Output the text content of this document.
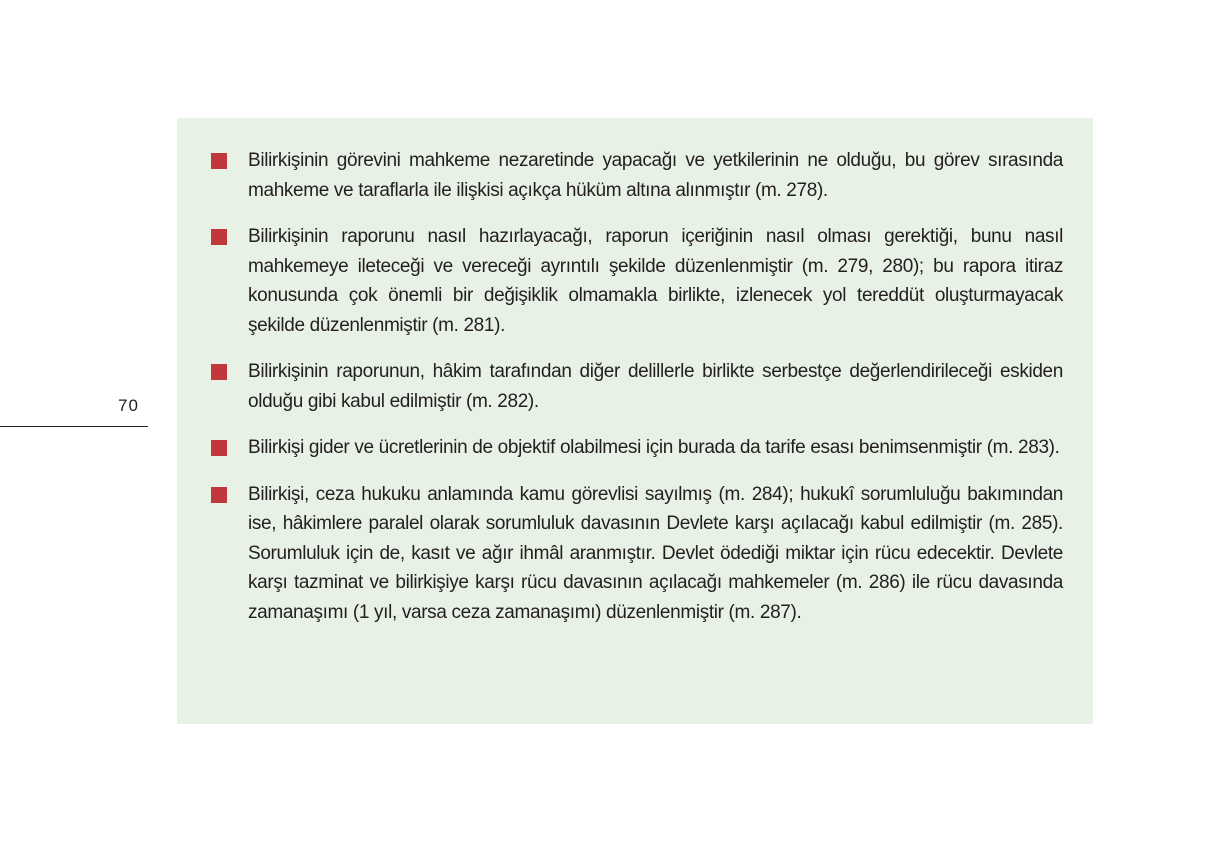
70
Bilirkişinin görevini mahkeme nezaretinde yapacağı ve yetkilerinin ne olduğu, bu görev sırasında mahkeme ve taraflarla ile ilişkisi açıkça hüküm altına alınmıştır (m. 278).
Bilirkişinin raporunu nasıl hazırlayacağı, raporun içeriğinin nasıl olması gerektiği, bunu nasıl mahkemeye ileteceği ve vereceği ayrıntılı şekilde düzenlenmiştir (m. 279, 280); bu rapora itiraz konusunda çok önemli bir değişiklik olmamakla birlikte, izlenecek yol tereddüt oluşturmayacak şekilde düzenlenmiştir (m. 281).
Bilirkişinin raporunun, hâkim tarafından diğer delillerle birlikte serbestçe değerlendirileceği eskiden olduğu gibi kabul edilmiştir (m. 282).
Bilirkişi gider ve ücretlerinin de objektif olabilmesi için burada da tarife esası benimsenmiştir (m. 283).
Bilirkişi, ceza hukuku anlamında kamu görevlisi sayılmış (m. 284); hukukî sorumluluğu bakımından ise, hâkimlere paralel olarak sorumluluk davasının Devlete karşı açılacağı kabul edilmiştir (m. 285). Sorumluluk için de, kasıt ve ağır ihmâl aranmıştır. Devlet ödediği miktar için rücu edecektir. Devlete karşı tazminat ve bilirkişiye karşı rücu davasının açılacağı mahkemeler (m. 286) ile rücu davasında zamanaşımı (1 yıl, varsa ceza zamanaşımı) düzenlenmiştir (m. 287).
